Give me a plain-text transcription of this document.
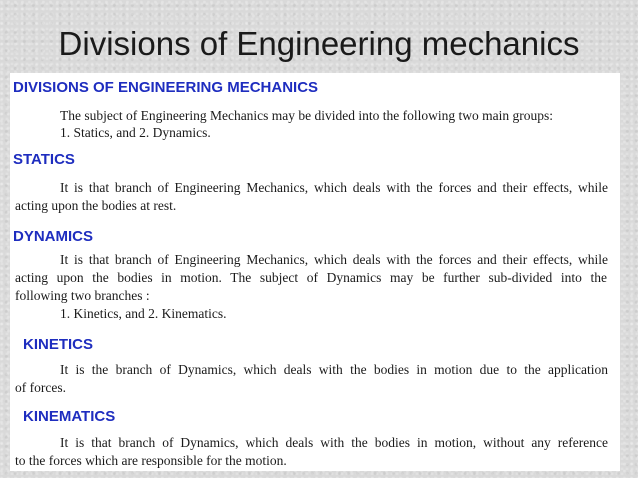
Divisions of Engineering mechanics
DIVISIONS OF ENGINEERING MECHANICS
The subject of Engineering Mechanics may be divided into the following two main groups:
1. Statics, and 2. Dynamics.
STATICS
It is that branch of Engineering Mechanics, which deals with the forces and their effects, while
acting upon the bodies at rest.
DYNAMICS
It is that branch of Engineering Mechanics, which deals with the forces and their effects, while
acting upon the bodies in motion. The subject of Dynamics may be further sub-divided into the
following two branches :
1. Kinetics, and 2. Kinematics.
KINETICS
It is the branch of Dynamics, which deals with the bodies in motion due to the application
of forces.
KINEMATICS
It is that branch of Dynamics, which deals with the bodies in motion, without any reference
to the forces which are responsible for the motion.
